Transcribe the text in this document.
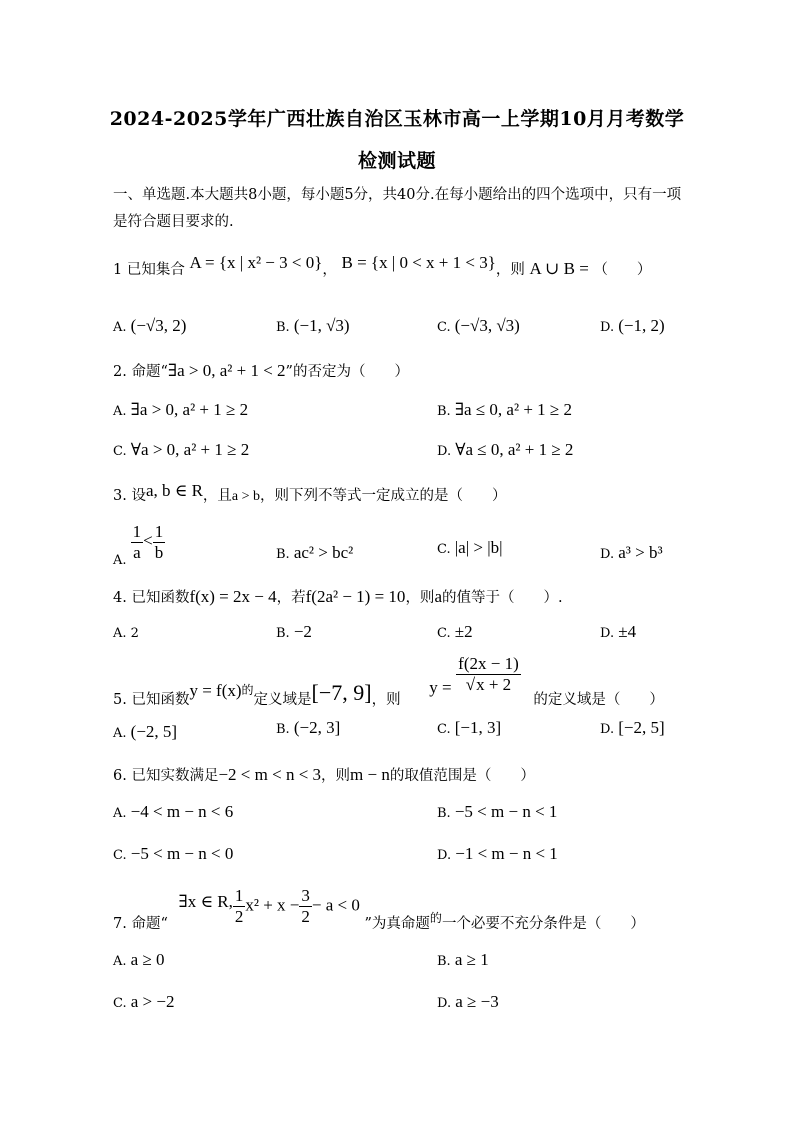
2024-2025学年广西壮族自治区玉林市高一上学期10月月考数学
检测试题
一、单选题.本大题共8小题，每小题5分，共40分.在每小题给出的四个选项中，只有一项
是符合题目要求的.
1 已知集合 A = {x | x² − 3 < 0}， B = {x | 0 < x + 1 < 3}，则 A ∪ B = （　　）
A. (−√3, 2)	B. (−1, √3)	C. (−√3, √3)	D. (−1, 2)
2. 命题“∃a > 0, a² + 1 < 2”的否定为（　　）
A. ∃a > 0, a² + 1 ≥ 2	B. ∃a ≤ 0, a² + 1 ≥ 2
C. ∀a > 0, a² + 1 ≥ 2	D. ∀a ≤ 0, a² + 1 ≥ 2
3. 设a, b ∈ R，且a > b，则下列不等式一定成立的是（　　）
A. $\frac{1}{a} < \frac{1}{b}$	B. ac² > bc²	C. |a| > |b|	D. a³ > b³
4. 已知函数f(x) = 2x − 4，若f(2a² − 1) = 10，则a的值等于（　　）.
A. 2	B. −2	C. ±2	D. ±4
5. 已知函数$y = f(x)_的$定义域是[−7, 9]，则 $y = \frac{f(2x - 1)}{√x + 2}$
的定义域是（　　）
A. (−2, 5]	B. (−2, 3]	C. [−1, 3]	D. [−2, 5]
6. 已知实数满足−2 < m < n < 3，则m − n的取值范围是（　　）
A. −4 < m − n < 6	B. −5 < m − n < 1
C. −5 < m − n < 0	D. −1 < m − n < 1
7. 命题“ ∃x ∈ R, $\frac{1}{2} x^2 + x - \frac{3}{2} - a < 0$ ”为真命题$_的$一个必要不充分条件是（　　）
A. a ≥ 0	B. a ≥ 1
C. a > −2	D. a ≥ −3
